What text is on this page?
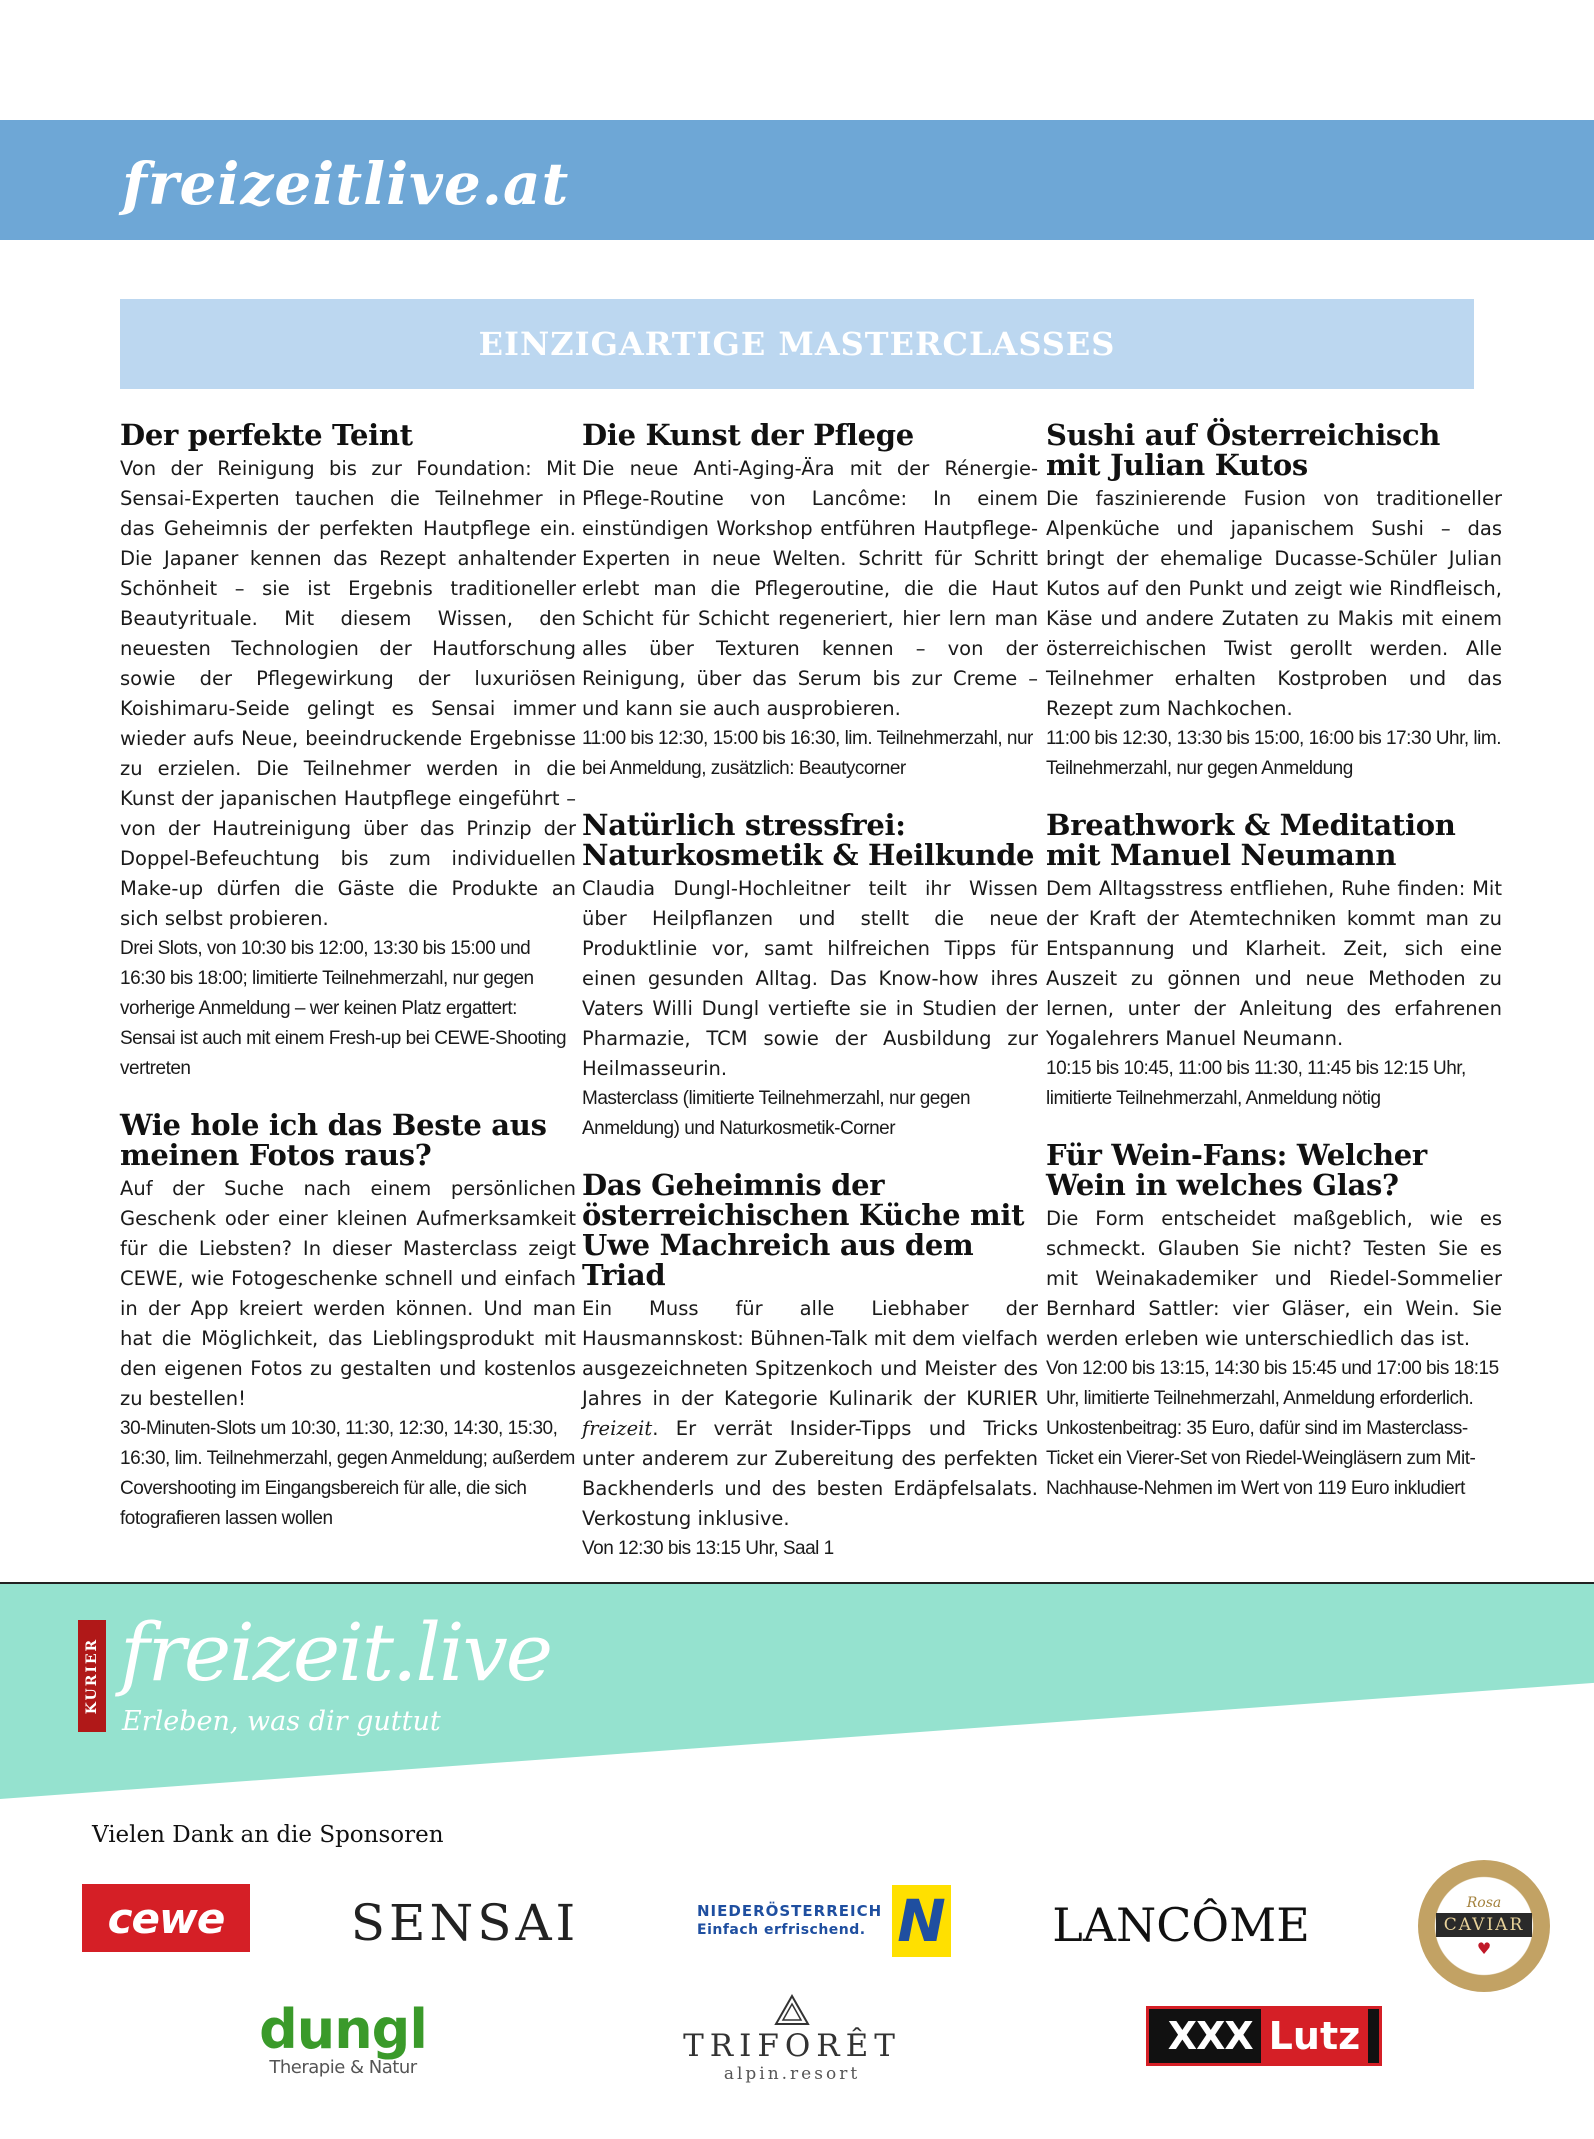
freizeitlive.at
EINZIGARTIGE MASTERCLASSES
Der perfekte Teint

Von der Reinigung bis zur Foundation: Mit Sensai-Experten tauchen die Teilnehmer in das Geheimnis der perfekten Hautpflege ein. Die Japaner kennen das Rezept anhaltender Schönheit – sie ist Ergebnis traditioneller Beautyrituale. Mit diesem Wissen, den neuesten Technologien der Hautforschung sowie der Pflegewirkung der luxuriösen Koishimaru-Seide gelingt es Sensai immer wieder aufs Neue, beeindruckende Ergebnisse zu erzielen. Die Teilnehmer werden in die Kunst der japanischen Hautpflege eingeführt – von der Hautreinigung über das Prinzip der Doppel-Befeuchtung bis zum individuellen Make-up dürfen die Gäste die Produkte an sich selbst probieren.

Drei Slots, von 10:30 bis 12:00, 13:30 bis 15:00 und 16:30 bis 18:00; limitierte Teilnehmerzahl, nur gegen vorherige Anmeldung – wer keinen Platz ergattert: Sensai ist auch mit einem Fresh-up bei CEWE-Shooting vertreten

Wie hole ich das Beste aus meinen Fotos raus?

Auf der Suche nach einem persönlichen Geschenk oder einer kleinen Aufmerksamkeit für die Liebsten? In dieser Masterclass zeigt CEWE, wie Fotogeschenke schnell und einfach in der App kreiert werden können. Und man hat die Möglichkeit, das Lieblingsprodukt mit den eigenen Fotos zu gestalten und kostenlos zu bestellen!

30-Minuten-Slots um 10:30, 11:30, 12:30, 14:30, 15:30, 16:30, lim. Teilnehmerzahl, gegen Anmeldung; außerdem Covershooting im Eingangsbereich für alle, die sich fotografieren lassen wollen

Die Kunst der Pflege

Die neue Anti-Aging-Ära mit der Rénergie-Pflege-Routine von Lancôme: In einem einstündigen Workshop entführen Hautpflege-Experten in neue Welten. Schritt für Schritt erlebt man die Pflegeroutine, die die Haut Schicht für Schicht regeneriert, hier lern man alles über Texturen kennen – von der Reinigung, über das Serum bis zur Creme – und kann sie auch ausprobieren.

11:00 bis 12:30, 15:00 bis 16:30, lim. Teilnehmerzahl, nur bei Anmeldung, zusätzlich: Beautycorner

Natürlich stressfrei: Naturkosmetik & Heilkunde

Claudia Dungl-Hochleitner teilt ihr Wissen über Heilpflanzen und stellt die neue Produktlinie vor, samt hilfreichen Tipps für einen gesunden Alltag. Das Know-how ihres Vaters Willi Dungl vertiefte sie in Studien der Pharmazie, TCM sowie der Ausbildung zur Heilmasseurin.

Masterclass (limitierte Teilnehmerzahl, nur gegen Anmeldung) und Naturkosmetik-Corner

Das Geheimnis der österreichischen Küche mit Uwe Machreich aus dem Triad

Ein Muss für alle Liebhaber der Hausmannskost: Bühnen-Talk mit dem vielfach ausgezeichneten Spitzenkoch und Meister des Jahres in der Kategorie Kulinarik der KURIER freizeit. Er verrät Insider-Tipps und Tricks unter anderem zur Zubereitung des perfekten Backhenderls und des besten Erdäpfelsalats. Verkostung inklusive.

Von 12:30 bis 13:15 Uhr, Saal 1

Sushi auf Österreichisch mit Julian Kutos

Die faszinierende Fusion von traditioneller Alpenküche und japanischem Sushi – das bringt der ehemalige Ducasse-Schüler Julian Kutos auf den Punkt und zeigt wie Rindfleisch, Käse und andere Zutaten zu Makis mit einem österreichischen Twist gerollt werden. Alle Teilnehmer erhalten Kostproben und das Rezept zum Nachkochen.

11:00 bis 12:30, 13:30 bis 15:00, 16:00 bis 17:30 Uhr, lim. Teilnehmerzahl, nur gegen Anmeldung

Breathwork & Meditation mit Manuel Neumann

Dem Alltagsstress entfliehen, Ruhe finden: Mit der Kraft der Atemtechniken kommt man zu Entspannung und Klarheit. Zeit, sich eine Auszeit zu gönnen und neue Methoden zu lernen, unter der Anleitung des erfahrenen Yogalehrers Manuel Neumann.

10:15 bis 10:45, 11:00 bis 11:30, 11:45 bis 12:15 Uhr, limitierte Teilnehmerzahl, Anmeldung nötig

Für Wein-Fans: Welcher Wein in welches Glas?

Die Form entscheidet maßgeblich, wie es schmeckt. Glauben Sie nicht? Testen Sie es mit Weinakademiker und Riedel-Sommelier Bernhard Sattler: vier Gläser, ein Wein. Sie werden erleben wie unterschiedlich das ist.

Von 12:00 bis 13:15, 14:30 bis 15:45 und 17:00 bis 18:15 Uhr, limitierte Teilnehmerzahl, Anmeldung erforderlich. Unkostenbeitrag: 35 Euro, dafür sind im Masterclass-Ticket ein Vierer-Set von Riedel-Weingläsern zum Mit-Nachhause-Nehmen im Wert von 119 Euro inkludiert

KURIER freizeit.live
Erleben, was dir guttut
Vielen Dank an die Sponsoren
cewe	SENSAI	NIEDERÖSTERREICH
Einfach erfrischend. N LANCÔME	Rosa
CAVIAR
♥
dungl
Therapie & Natur
TRIFORÊT
alpin.resort
XXX Lutz
